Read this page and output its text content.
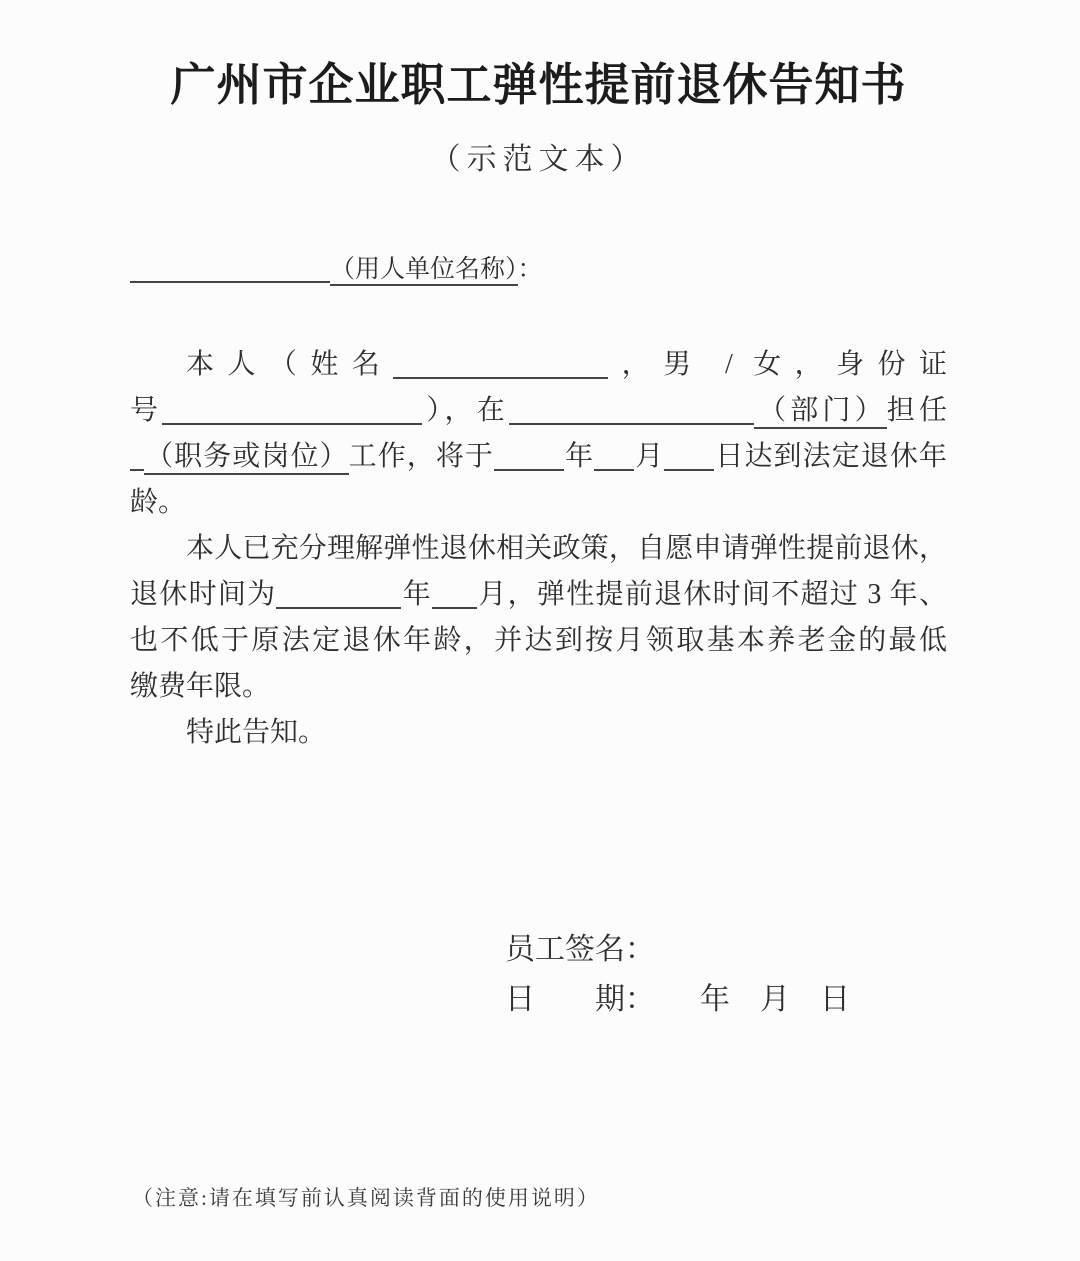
广州市企业职工弹性提前退休告知书
（示范文本）
（用人单位名称）：
本人（姓名	，男 / 女，身份证
号	），在	（部门）担任
（职务或岗位）工作，将于	年 月 日达到法定退休年
龄。
本人已充分理解弹性退休相关政策，自愿申请弹性提前退休，
退休时间为	年 月，弹性提前退休时间不超过 3 年、
也不低于原法定退休年龄，并达到按月领取基本养老金的最低
缴费年限。
特此告知。
员工签名：
日　　期：　　年　月　日
（注意:请在填写前认真阅读背面的使用说明）
